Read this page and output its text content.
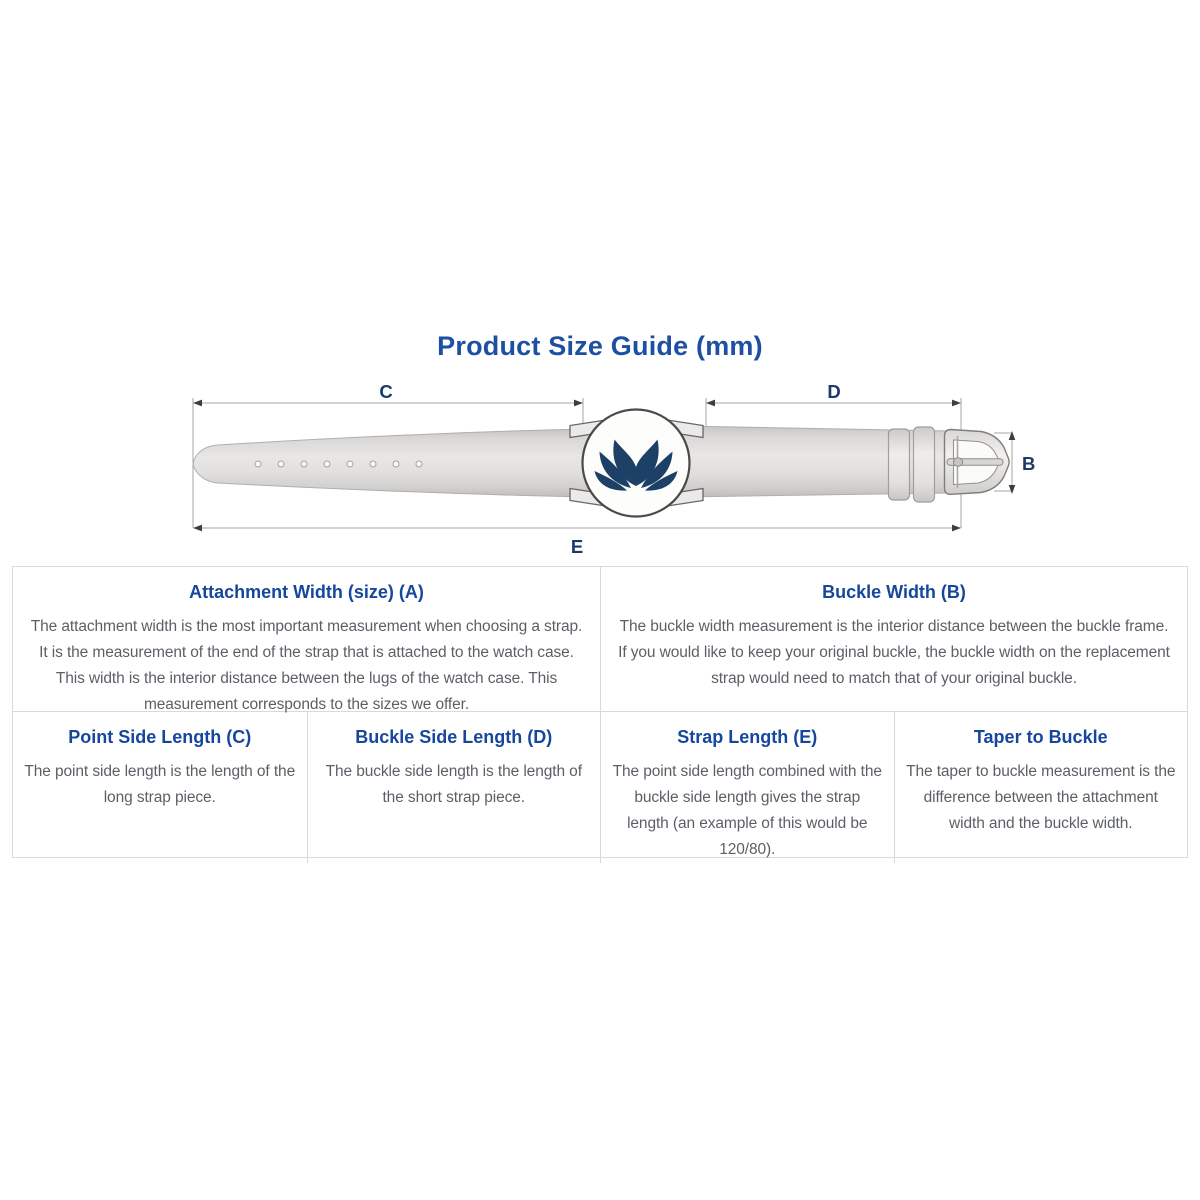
Product Size Guide (mm)
C	D
E
B
Attachment Width (size) (A)
The attachment width is the most important measurement when choosing a strap. It is the measurement of the end of the strap that is attached to the watch case. This width is the interior distance between the lugs of the watch case. This measurement corresponds to the sizes we offer.
Buckle Width (B)
The buckle width measurement is the interior distance between the buckle frame. If you would like to keep your original buckle, the buckle width on the replacement strap would need to match that of your original buckle.
Point Side Length (C)
The point side length is the length of the long strap piece.
Buckle Side Length (D)
The buckle side length is the length of the short strap piece.
Strap Length (E)
The point side length combined with the buckle side length gives the strap length (an example of this would be 120/80).
Taper to Buckle
The taper to buckle measurement is the difference between the attachment width and the buckle width.
